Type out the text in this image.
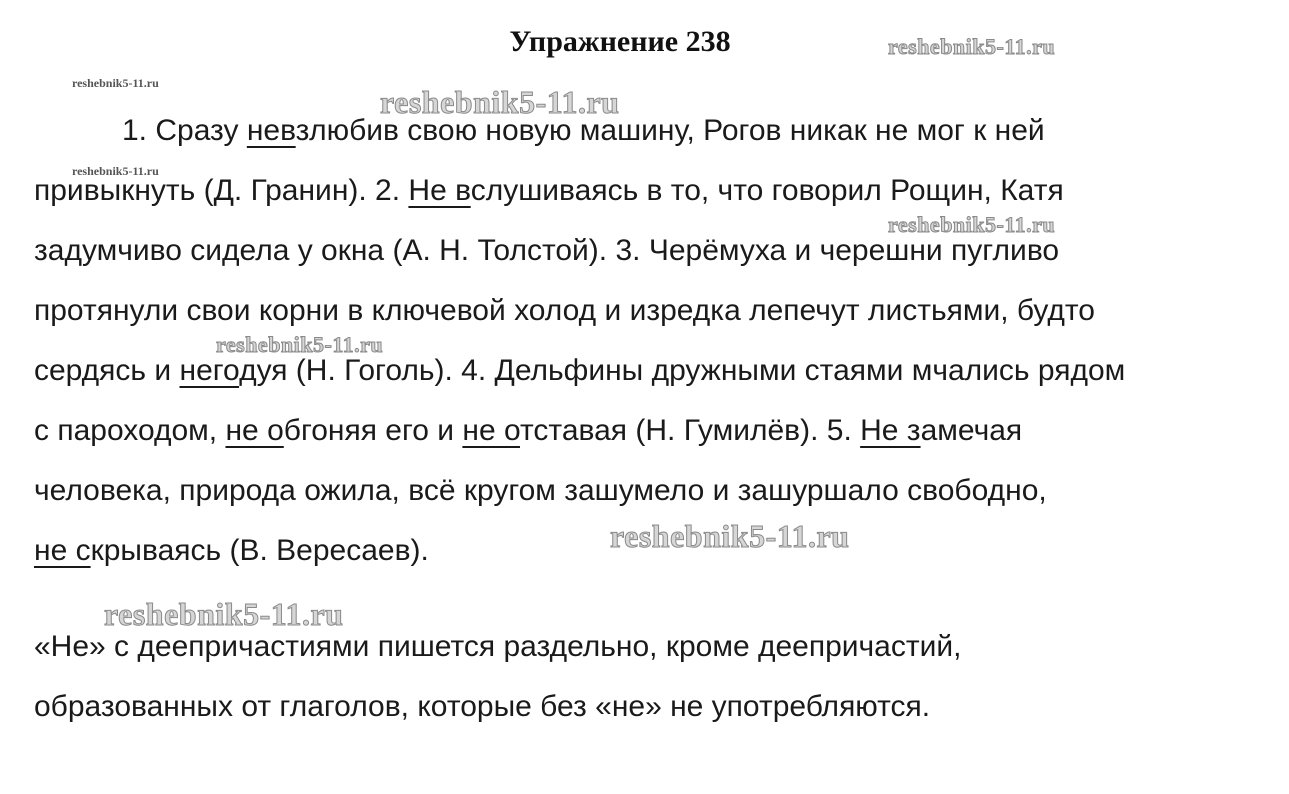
Упражнение 238
1. Сразу невзлюбив свою новую машину, Рогов никак не мог к ней
привыкнуть (Д. Гранин). 2. Не вслушиваясь в то, что говорил Рощин, Катя
задумчиво сидела у окна (А. Н. Толстой). 3. Черёмуха и черешни пугливо
протянули свои корни в ключевой холод и изредка лепечут листьями, будто
сердясь и негодуя (Н. Гоголь). 4. Дельфины дружными стаями мчались рядом
с пароходом, не обгоняя его и не отставая (Н. Гумилёв). 5. Не замечая
человека, природа ожила, всё кругом зашумело и зашуршало свободно,
не скрываясь (В. Вересаев).
«Не» с деепричастиями пишется раздельно, кроме деепричастий,
образованных от глаголов, которые без «не» не употребляются.
reshebnik5-11.ru
reshebnik5-11.ru
reshebnik5-11.ru
reshebnik5-11.ru
reshebnik5-11.ru
reshebnik5-11.ru
reshebnik5-11.ru
reshebnik5-11.ru
